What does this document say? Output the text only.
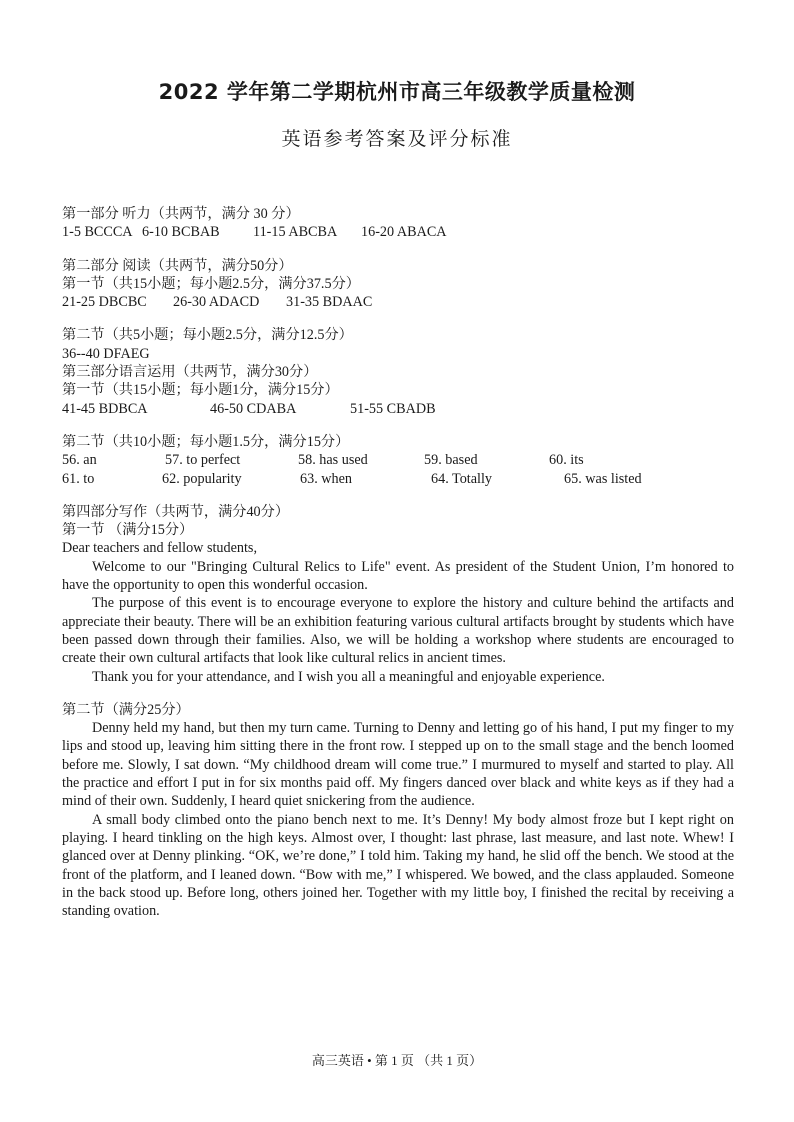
2022 学年第二学期杭州市高三年级教学质量检测
英语参考答案及评分标准
第一部分 听力（共两节，满分 30 分）
1-5 BCCCA 6-10 BCBAB 11-15 ABCBA 16-20 ABACA
第二部分 阅读（共两节，满分50分）
第一节（共15小题；每小题2.5分，满分37.5分）
21-25 DBCBC 26-30 ADACD 31-35 BDAAC
第二节（共5小题；每小题2.5分，满分12.5分）
36--40 DFAEG
第三部分语言运用（共两节，满分30分）
第一节（共15小题；每小题1分，满分15分）
41-45 BDBCA	46-50 CDABA	51-55 CBADB
第二节（共10小题；每小题1.5分，满分15分）
56. an	57. to perfect	58. has used	59. based	60. its
61. to	62. popularity	63. when	64. Totally	65. was listed
第四部分写作（共两节，满分40分）
第一节 （满分15分）
Dear teachers and fellow students,
Welcome to our "Bringing Cultural Relics to Life" event. As president of the Student Union, I’m honored to have the opportunity to open this wonderful occasion.
The purpose of this event is to encourage everyone to explore the history and culture behind the artifacts and appreciate their beauty. There will be an exhibition featuring various cultural artifacts brought by students which have been passed down through their families. Also, we will be holding a workshop where students are encouraged to create their own cultural artifacts that look like cultural relics in ancient times.
Thank you for your attendance, and I wish you all a meaningful and enjoyable experience.
第二节（满分25分）
Denny held my hand, but then my turn came. Turning to Denny and letting go of his hand, I put my finger to my lips and stood up, leaving him sitting there in the front row. I stepped up on to the small stage and the bench loomed before me. Slowly, I sat down. “My childhood dream will come true.” I murmured to myself and started to play. All the practice and effort I put in for six months paid off. My fingers danced over black and white keys as if they had a mind of their own. Suddenly, I heard quiet snickering from the audience.
A small body climbed onto the piano bench next to me. It’s Denny! My body almost froze but I kept right on playing. I heard tinkling on the high keys. Almost over, I thought: last phrase, last measure, and last note. Whew! I glanced over at Denny plinking. “OK, we’re done,” I told him. Taking my hand, he slid off the bench. We stood at the front of the platform, and I leaned down. “Bow with me,” I whispered. We bowed, and the class applauded. Someone in the back stood up. Before long, others joined her. Together with my little boy, I finished the recital by receiving a standing ovation.
高三英语 • 第 1 页 （共 1 页）
